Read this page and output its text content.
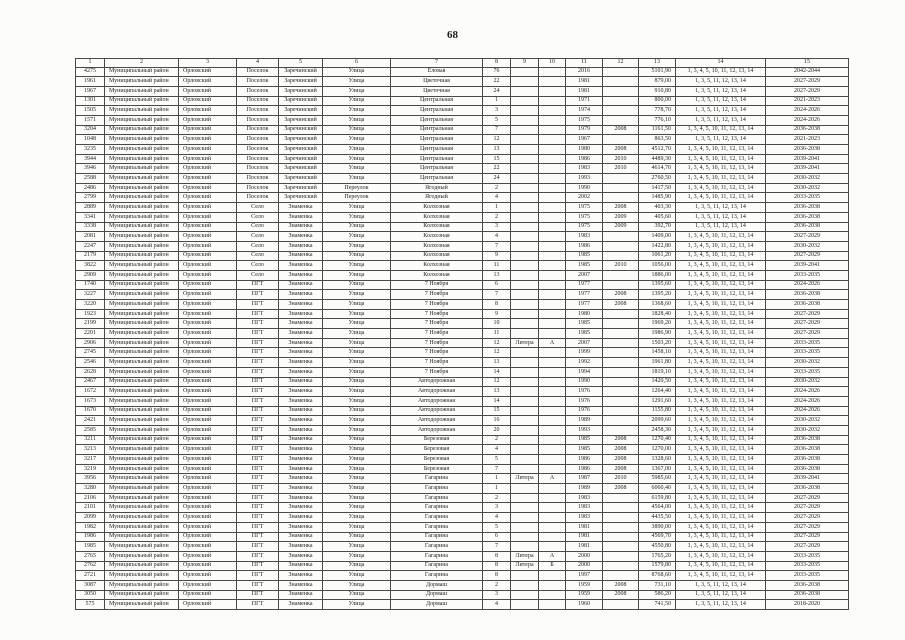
68
1	2	3	4	5	6	7	8	9	10	11	12	13	14	15
4275	Муниципальный район	Орловский	Поселок	Заречинский	Улица	Еловая	76			2016		5101,90	1, 3, 4, 5, 10, 11, 12, 13, 14	2042-2044
1961	Муниципальный район	Орловский	Поселок	Заречинский	Улица	Цветочная	22			1981		879,00	1, 3, 5, 11, 12, 13, 14	2027-2029
1967	Муниципальный район	Орловский	Поселок	Заречинский	Улица	Цветочная	24			1981		910,80	1, 3, 5, 11, 12, 13, 14	2027-2029
1301	Муниципальный район	Орловский	Поселок	Заречинский	Улица	Центральная	1			1971		800,00	1, 3, 5, 11, 12, 13, 14	2021-2023
1505	Муниципальный район	Орловский	Поселок	Заречинский	Улица	Центральная	3			1974		778,70	1, 3, 5, 11, 12, 13, 14	2024-2026
1571	Муниципальный район	Орловский	Поселок	Заречинский	Улица	Центральная	5			1975		776,10	1, 3, 5, 11, 12, 13, 14	2024-2026
3204	Муниципальный район	Орловский	Поселок	Заречинский	Улица	Центральная	7			1979	2008	1161,50	1, 3, 4, 5, 10, 11, 12, 13, 14	2036-2038
1048	Муниципальный район	Орловский	Поселок	Заречинский	Улица	Центральная	12			1967		863,50	1, 3, 5, 11, 12, 13, 14	2021-2023
3235	Муниципальный район	Орловский	Поселок	Заречинский	Улица	Центральная	13			1980	2008	4512,70	1, 3, 4, 5, 10, 11, 12, 13, 14	2036-2038
3944	Муниципальный район	Орловский	Поселок	Заречинский	Улица	Центральная	15			1986	2010	4489,30	1, 3, 4, 5, 10, 11, 12, 13, 14	2039-2041
3946	Муниципальный район	Орловский	Поселок	Заречинский	Улица	Центральная	22			1983	2010	4614,70	1, 3, 4, 5, 10, 11, 12, 13, 14	2039-2041
2588	Муниципальный район	Орловский	Поселок	Заречинский	Улица	Центральная	24			1993		2760,50	1, 3, 4, 5, 10, 11, 12, 13, 14	2030-2032
2486	Муниципальный район	Орловский	Поселок	Заречинский	Переулок	Ягодный	2			1990		1417,50	1, 3, 4, 5, 10, 11, 12, 13, 14	2030-2032
2799	Муниципальный район	Орловский	Поселок	Заречинский	Переулок	Ягодный	4			2002		1485,90	1, 3, 4, 5, 10, 11, 12, 13, 14	2033-2035
2889	Муниципальный район	Орловский	Село	Знаменка	Улица	Колхозная	1			1975	2008	403,30	1, 3, 5, 11, 12, 13, 14	2036-2038
3341	Муниципальный район	Орловский	Село	Знаменка	Улица	Колхозная	2			1975	2009	405,60	1, 3, 5, 11, 12, 13, 14	2036-2038
3338	Муниципальный район	Орловский	Село	Знаменка	Улица	Колхозная	3			1975	2009	392,70	1, 3, 5, 11, 12, 13, 14	2036-2038
2081	Муниципальный район	Орловский	Село	Знаменка	Улица	Колхозная	4			1983		1409,00	1, 3, 4, 5, 10, 11, 12, 13, 14	2027-2029
2247	Муниципальный район	Орловский	Село	Знаменка	Улица	Колхозная	7			1986		1422,80	1, 3, 4, 5, 10, 11, 12, 13, 14	2030-2032
2179	Муниципальный район	Орловский	Село	Знаменка	Улица	Колхозная	9			1985		1061,20	1, 3, 4, 5, 10, 11, 12, 13, 14	2027-2029
3822	Муниципальный район	Орловский	Село	Знаменка	Улица	Колхозная	11			1985	2010	1056,00	1, 3, 4, 5, 10, 11, 12, 13, 14	2039-2041
2909	Муниципальный район	Орловский	Село	Знаменка	Улица	Колхозная	13			2007		1886,00	1, 3, 4, 5, 10, 11, 12, 13, 14	2033-2035
1740	Муниципальный район	Орловский	ПГТ	Знаменка	Улица	7 Ноября	6			1977		1395,60	1, 3, 4, 5, 10, 11, 12, 13, 14	2024-2026
3227	Муниципальный район	Орловский	ПГТ	Знаменка	Улица	7 Ноября	7			1977	2008	1395,20	1, 3, 4, 5, 10, 11, 12, 13, 14	2036-2038
3220	Муниципальный район	Орловский	ПГТ	Знаменка	Улица	7 Ноября	8			1977	2008	1368,60	1, 3, 4, 5, 10, 11, 12, 13, 14	2036-2038
1923	Муниципальный район	Орловский	ПГТ	Знаменка	Улица	7 Ноября	9			1980		1828,40	1, 3, 4, 5, 10, 11, 12, 13, 14	2027-2029
2199	Муниципальный район	Орловский	ПГТ	Знаменка	Улица	7 Ноября	10			1985		1969,20	1, 3, 4, 5, 10, 11, 12, 13, 14	2027-2029
2201	Муниципальный район	Орловский	ПГТ	Знаменка	Улица	7 Ноября	11			1985		1986,90	1, 3, 4, 5, 10, 11, 12, 13, 14	2027-2029
2906	Муниципальный район	Орловский	ПГТ	Знаменка	Улица	7 Ноября	12	Литера	А	2007		1503,20	1, 3, 4, 5, 10, 11, 12, 13, 14	2033-2035
2745	Муниципальный район	Орловский	ПГТ	Знаменка	Улица	7 Ноября	12			1999		1458,10	1, 3, 4, 5, 10, 11, 12, 13, 14	2033-2035
2546	Муниципальный район	Орловский	ПГТ	Знаменка	Улица	7 Ноября	13			1992		1961,80	1, 3, 4, 5, 10, 11, 12, 13, 14	2030-2032
2628	Муниципальный район	Орловский	ПГТ	Знаменка	Улица	7 Ноября	14			1994		1819,10	1, 3, 4, 5, 10, 11, 12, 13, 14	2033-2035
2467	Муниципальный район	Орловский	ПГТ	Знаменка	Улица	Автодорожная	12			1990		1420,50	1, 3, 4, 5, 10, 11, 12, 13, 14	2030-2032
1672	Муниципальный район	Орловский	ПГТ	Знаменка	Улица	Автодорожная	13			1976		1264,40	1, 3, 4, 5, 10, 11, 12, 13, 14	2024-2026
1673	Муниципальный район	Орловский	ПГТ	Знаменка	Улица	Автодорожная	14			1976		1291,60	1, 3, 4, 5, 10, 11, 12, 13, 14	2024-2026
1670	Муниципальный район	Орловский	ПГТ	Знаменка	Улица	Автодорожная	15			1976		1155,80	1, 3, 4, 5, 10, 11, 12, 13, 14	2024-2026
2421	Муниципальный район	Орловский	ПГТ	Знаменка	Улица	Автодорожная	16			1989		2099,60	1, 3, 4, 5, 10, 11, 12, 13, 14	2030-2032
2585	Муниципальный район	Орловский	ПГТ	Знаменка	Улица	Автодорожная	20			1993		2458,30	1, 3, 4, 5, 10, 11, 12, 13, 14	2030-2032
3211	Муниципальный район	Орловский	ПГТ	Знаменка	Улица	Березовая	2			1985	2008	1270,40	1, 3, 4, 5, 10, 11, 12, 13, 14	2036-2038
3213	Муниципальный район	Орловский	ПГТ	Знаменка	Улица	Березовая	4			1985	2008	1270,00	1, 3, 4, 5, 10, 11, 12, 13, 14	2036-2038
3217	Муниципальный район	Орловский	ПГТ	Знаменка	Улица	Березовая	5			1986	2008	1328,60	1, 3, 4, 5, 10, 11, 12, 13, 14	2036-2038
3219	Муниципальный район	Орловский	ПГТ	Знаменка	Улица	Березовая	7			1986	2008	1367,00	1, 3, 4, 5, 10, 11, 12, 13, 14	2036-2038
3956	Муниципальный район	Орловский	ПГТ	Знаменка	Улица	Гагарина	1	Литера	А	1987	2010	5985,60	1, 3, 4, 5, 10, 11, 12, 13, 14	2039-2041
3280	Муниципальный район	Орловский	ПГТ	Знаменка	Улица	Гагарина	1			1989	2008	6060,40	1, 3, 4, 5, 10, 11, 12, 13, 14	2036-2038
2106	Муниципальный район	Орловский	ПГТ	Знаменка	Улица	Гагарина	2			1983		6159,80	1, 3, 4, 5, 10, 11, 12, 13, 14	2027-2029
2101	Муниципальный район	Орловский	ПГТ	Знаменка	Улица	Гагарина	3			1983		4564,00	1, 3, 4, 5, 10, 11, 12, 13, 14	2027-2029
2099	Муниципальный район	Орловский	ПГТ	Знаменка	Улица	Гагарина	4			1983		4435,50	1, 3, 4, 5, 10, 11, 12, 13, 14	2027-2029
1982	Муниципальный район	Орловский	ПГТ	Знаменка	Улица	Гагарина	5			1981		3890,00	1, 3, 4, 5, 10, 11, 12, 13, 14	2027-2029
1986	Муниципальный район	Орловский	ПГТ	Знаменка	Улица	Гагарина	6			1981		4569,70	1, 3, 4, 5, 10, 11, 12, 13, 14	2027-2029
1985	Муниципальный район	Орловский	ПГТ	Знаменка	Улица	Гагарина	7			1981		4550,80	1, 3, 4, 5, 10, 11, 12, 13, 14	2027-2029
2765	Муниципальный район	Орловский	ПГТ	Знаменка	Улица	Гагарина	8	Литера	А	2000		1765,20	1, 3, 4, 5, 10, 11, 12, 13, 14	2033-2035
2762	Муниципальный район	Орловский	ПГТ	Знаменка	Улица	Гагарина	8	Литера	Б	2000		1579,80	1, 3, 4, 5, 10, 11, 12, 13, 14	2033-2035
2721	Муниципальный район	Орловский	ПГТ	Знаменка	Улица	Гагарина	8			1997		8768,60	1, 3, 4, 5, 10, 11, 12, 13, 14	2033-2035
3087	Муниципальный район	Орловский	ПГТ	Знаменка	Улица	Дормаш	2			1959	2008	731,10	1, 3, 5, 11, 12, 13, 14	2036-2038
3050	Муниципальный район	Орловский	ПГТ	Знаменка	Улица	Дормаш	3			1959	2008	586,20	1, 3, 5, 11, 12, 13, 14	2036-2038
575	Муниципальный район	Орловский	ПГТ	Знаменка	Улица	Дормаш	4			1960		741,50	1, 3, 5, 11, 12, 13, 14	2018-2020
